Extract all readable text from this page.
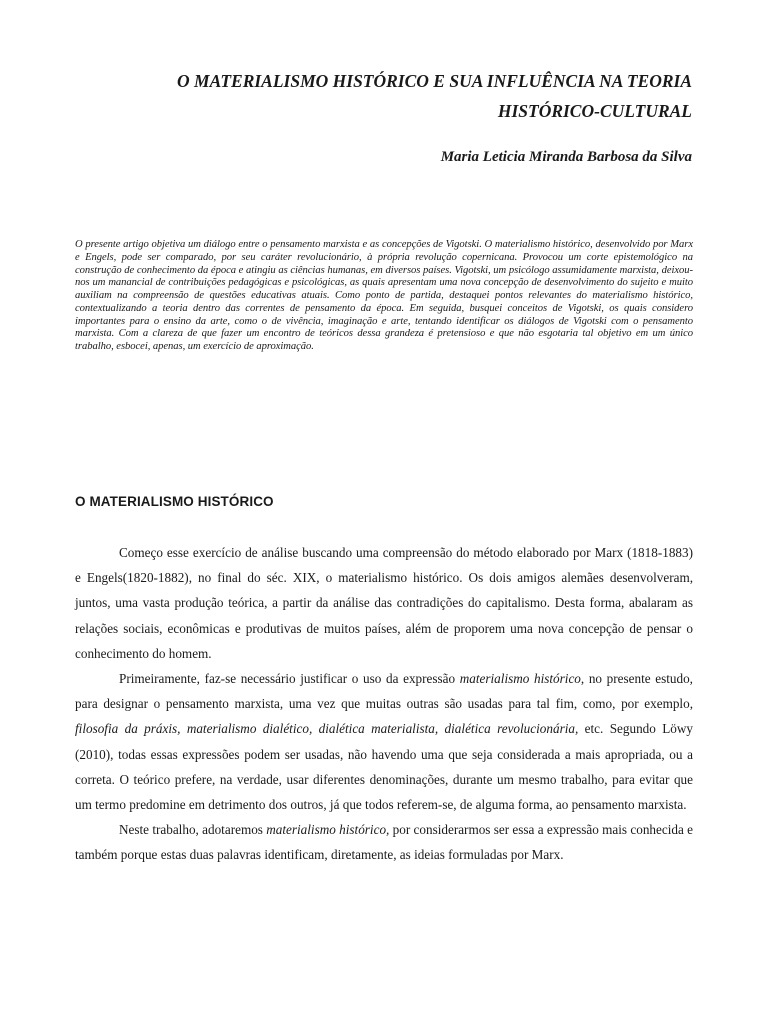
O MATERIALISMO HISTÓRICO E SUA INFLUÊNCIA NA TEORIA
HISTÓRICO-CULTURAL

Maria Leticia Miranda Barbosa da Silva

O presente artigo objetiva um diálogo entre o pensamento marxista e as concepções de Vigotski. O materialismo histórico, desenvolvido por Marx e Engels, pode ser comparado, por seu caráter revolucionário, à própria revolução copernicana. Provocou um corte epistemológico na construção de conhecimento da época e atingiu as ciências humanas, em diversos países. Vigotski, um psicólogo assumidamente marxista, deixou-nos um manancial de contribuições pedagógicas e psicológicas, as quais apresentam uma nova concepção de desenvolvimento do sujeito e muito auxiliam na compreensão de questões educativas atuais. Como ponto de partida, destaquei pontos relevantes do materialismo histórico, contextualizando a teoria dentro das correntes de pensamento da época. Em seguida, busquei conceitos de Vigotski, os quais considero importantes para o ensino da arte, como o de vivência, imaginação e arte, tentando identificar os diálogos de Vigotski com o pensamento marxista. Com a clareza de que fazer um encontro de teóricos dessa grandeza é pretensioso e que não esgotaria tal objetivo em um único trabalho, esbocei, apenas, um exercício de aproximação.

O MATERIALISMO HISTÓRICO

Começo esse exercício de análise buscando uma compreensão do método elaborado por Marx (1818-1883) e Engels(1820-1882), no final do séc. XIX, o materialismo histórico. Os dois amigos alemães desenvolveram, juntos, uma vasta produção teórica, a partir da análise das contradições do capitalismo. Desta forma, abalaram as relações sociais, econômicas e produtivas de muitos países, além de proporem uma nova concepção de pensar o conhecimento do homem.

Primeiramente, faz-se necessário justificar o uso da expressão materialismo histórico, no presente estudo, para designar o pensamento marxista, uma vez que muitas outras são usadas para tal fim, como, por exemplo, filosofia da práxis, materialismo dialético, dialética materialista, dialética revolucionária, etc. Segundo Löwy (2010), todas essas expressões podem ser usadas, não havendo uma que seja considerada a mais apropriada, ou a correta. O teórico prefere, na verdade, usar diferentes denominações, durante um mesmo trabalho, para evitar que um termo predomine em detrimento dos outros, já que todos referem-se, de alguma forma, ao pensamento marxista.

Neste trabalho, adotaremos materialismo histórico, por considerarmos ser essa a expressão mais conhecida e também porque estas duas palavras identificam, diretamente, as ideias formuladas por Marx.
